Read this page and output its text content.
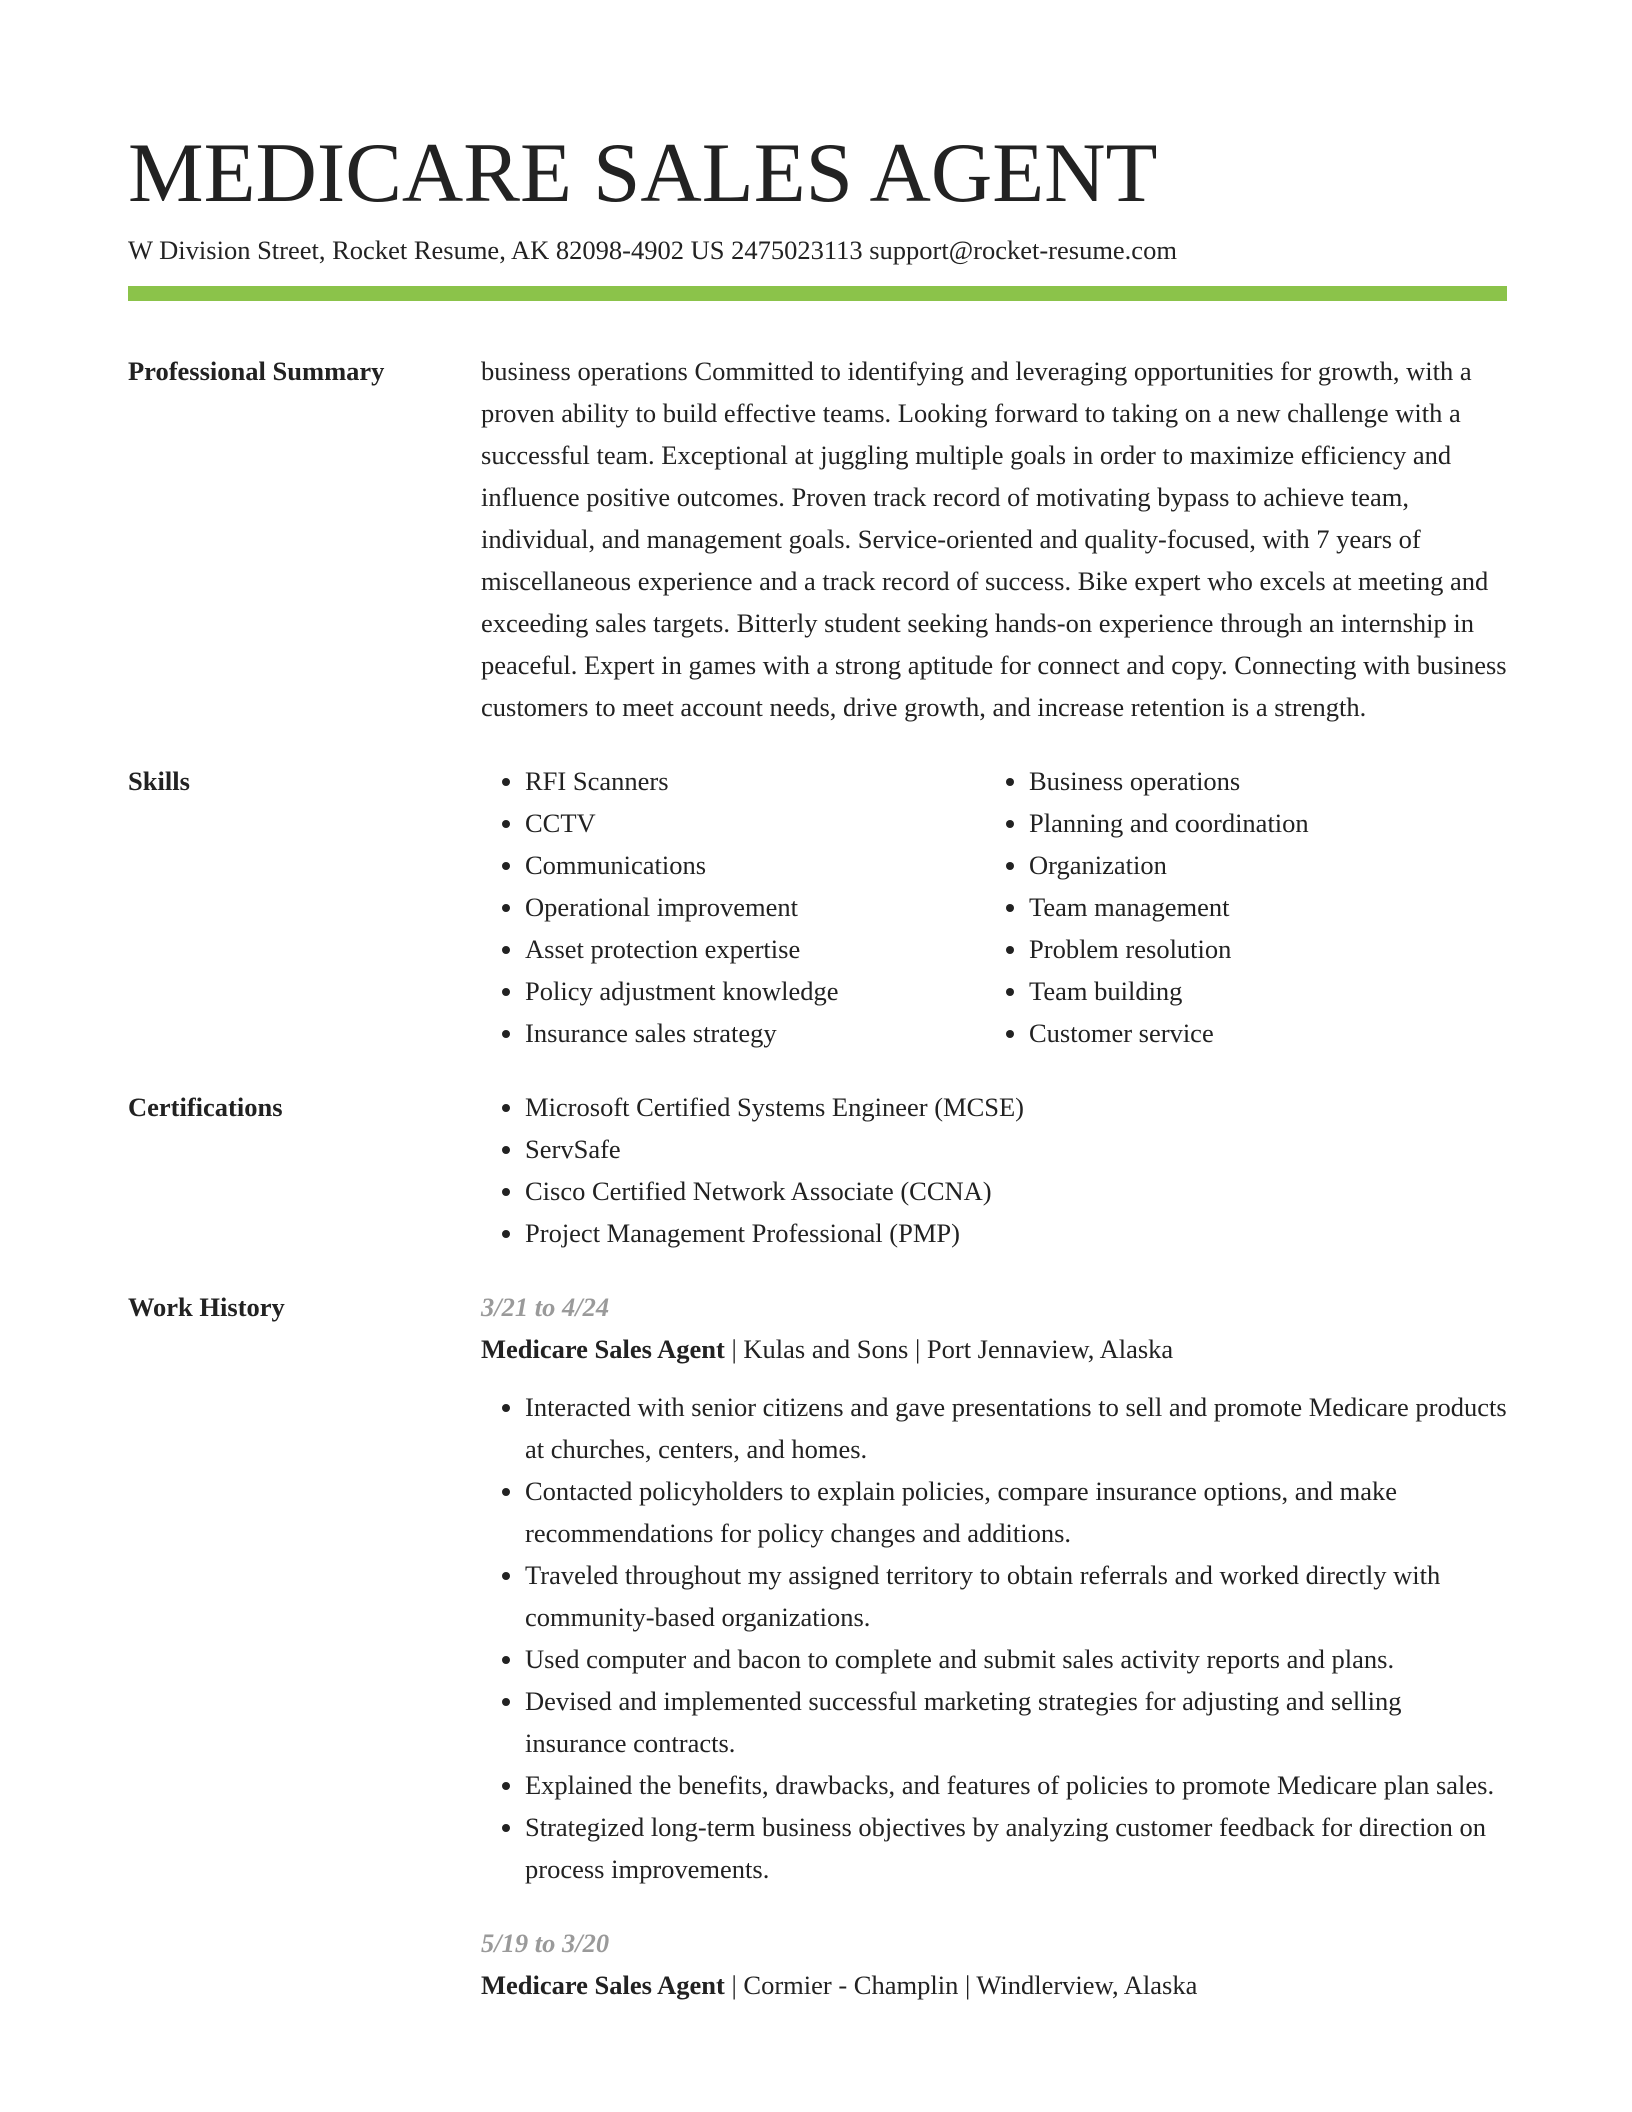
MEDICARE SALES AGENT
W Division Street, Rocket Resume, AK 82098-4902 US 2475023113 support@rocket-resume.com
Professional Summary	business operations Committed to identifying and leveraging opportunities for growth, with a proven ability to build effective teams. Looking forward to taking on a new challenge with a successful team. Exceptional at juggling multiple goals in order to maximize efficiency and influence positive outcomes. Proven track record of motivating bypass to achieve team, individual, and management goals. Service-oriented and quality-focused, with 7 years of miscellaneous experience and a track record of success. Bike expert who excels at meeting and exceeding sales targets. Bitterly student seeking hands-on experience through an internship in peaceful. Expert in games with a strong aptitude for connect and copy. Connecting with business customers to meet account needs, drive growth, and increase retention is a strength.

Skills	• RFI Scanners
• CCTV
• Communications
• Operational improvement
• Asset protection expertise
• Policy adjustment knowledge
• Insurance sales strategy
• Business operations
• Planning and coordination
• Organization
• Team management
• Problem resolution
• Team building
• Customer service
Certifications	• Microsoft Certified Systems Engineer (MCSE)
• ServSafe
• Cisco Certified Network Associate (CCNA)
• Project Management Professional (PMP)
Work History	3/21 to 4/24
Medicare Sales Agent | Kulas and Sons | Port Jennaview, Alaska
• Interacted with senior citizens and gave presentations to sell and promote Medicare products at churches, centers, and homes.
• Contacted policyholders to explain policies, compare insurance options, and make recommendations for policy changes and additions.
• Traveled throughout my assigned territory to obtain referrals and worked directly with community-based organizations.
• Used computer and bacon to complete and submit sales activity reports and plans.
• Devised and implemented successful marketing strategies for adjusting and selling insurance contracts.
• Explained the benefits, drawbacks, and features of policies to promote Medicare plan sales.
• Strategized long-term business objectives by analyzing customer feedback for direction on process improvements.
5/19 to 3/20
Medicare Sales Agent | Cormier - Champlin | Windlerview, Alaska
